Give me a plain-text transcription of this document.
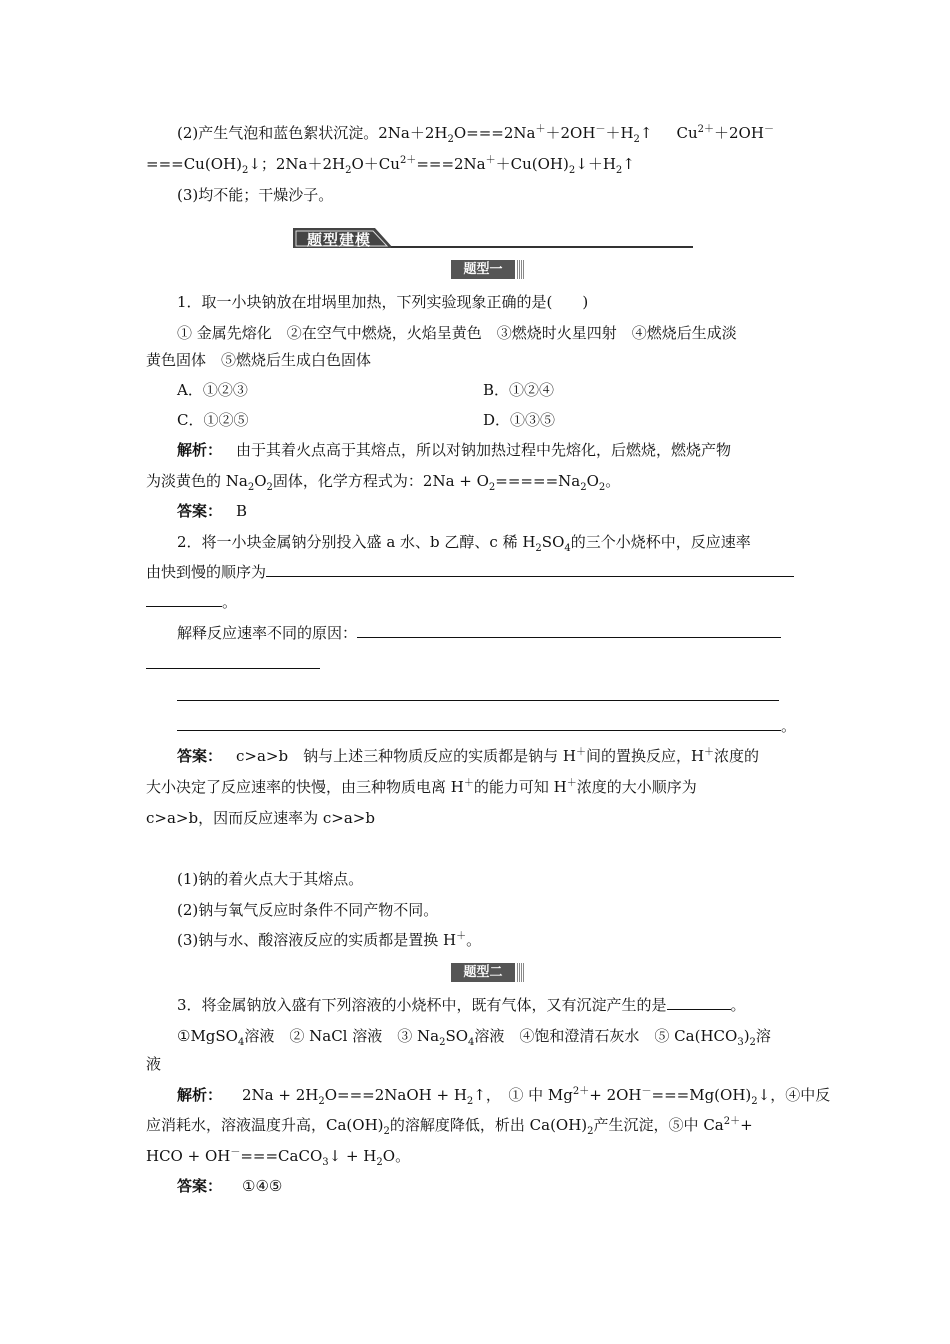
(2)产生气泡和蓝色絮状沉淀。$2Na+2H_2O===2Na^++2OH^-+H_2↑$ $Cu^{2+}+2OH^-$
$===Cu(OH)_2↓$；$2Na+2H_2O+Cu^{2+}===2Na^++Cu(OH)_2↓+H_2↑$
(3)均不能；干燥沙子。
题型建模
题型一
1．取一小块钠放在坩埚里加热，下列实验现象正确的是(　　)
① 金属先熔化　②在空气中燃烧，火焰呈黄色　③燃烧时火星四射　④燃烧后生成淡
黄色固体　⑤燃烧后生成白色固体
A．①②③	B．①②④
C．①②⑤	D．①③⑤
解析： 由于其着火点高于其熔点，所以对钠加热过程中先熔化，后燃烧，燃烧产物
为淡黄色的 $Na_2O_2$固体，化学方程式为：$2Na + O_2=====Na_2O_2$。
答案： B
2．将一小块金属钠分别投入盛 a 水、b 乙醇、c 稀 $H_2SO_4$的三个小烧杯中，反应速率
由快到慢的顺序为
。
解释反应速率不同的原因：
。
答案： c>a>b　钠与上述三种物质反应的实质都是钠与 H＋间的置换反应，H＋浓度的
大小决定了反应速率的快慢，由三种物质电离 H＋的能力可知 H＋浓度的大小顺序为
c>a>b，因而反应速率为 c>a>b
(1)钠的着火点大于其熔点。
(2)钠与氧气反应时条件不同产物不同。
(3)钠与水、酸溶液反应的实质都是置换 H＋。
题型二
3．将金属钠放入盛有下列溶液的小烧杯中，既有气体，又有沉淀产生的是	。
①MgSO$_4$溶液　② NaCl 溶液　③ $Na_2SO_4$溶液　④饱和澄清石灰水　⑤ $Ca(HCO_3)_2$溶
液
解析： $2Na + 2H_2O===2NaOH$ + $H_2↑$，　① 中 $Mg^{2+}+$ $2OH^-===Mg(OH)_2↓$，④中反
应消耗水，溶液温度升高，$Ca(OH)_2$的溶解度降低，析出 $Ca(OH)_2$产生沉淀，⑤中 $Ca^{2+}+$
HCO + OH－===CaCO$_3$↓ + $H_2O$。
答案： ①④⑤
